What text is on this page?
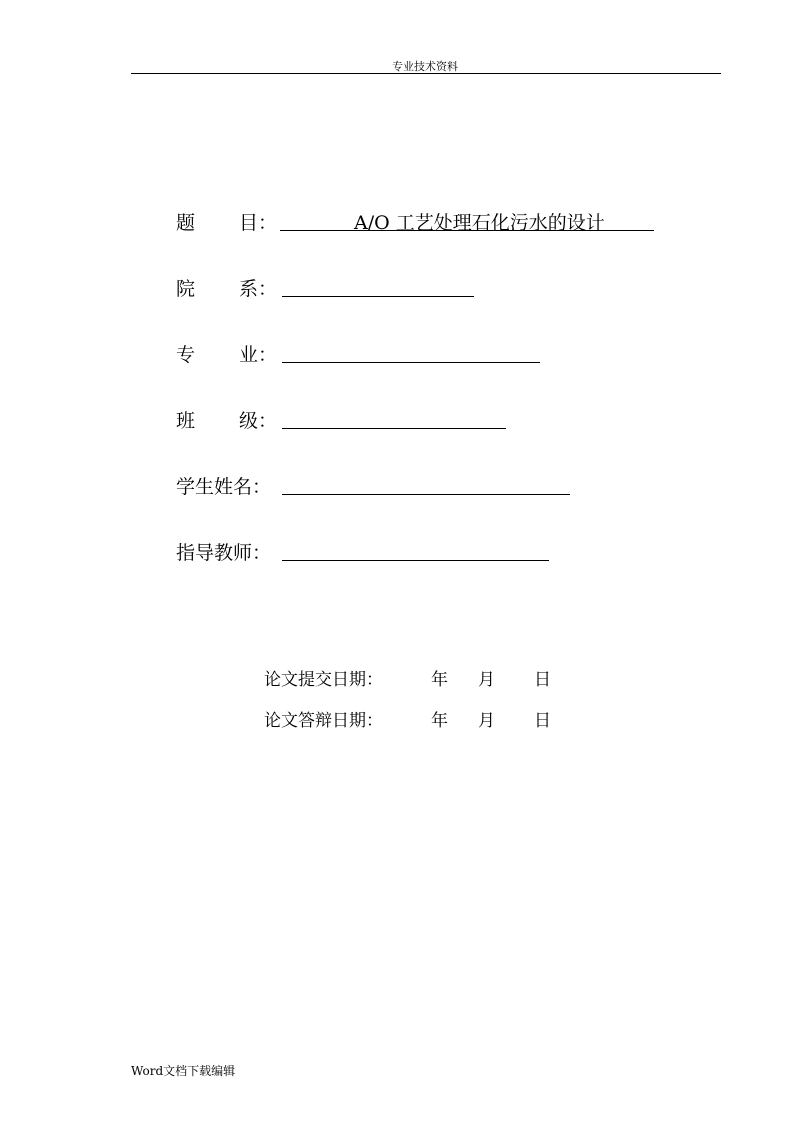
专业技术资料
题 目：	A/O 工艺处理石化污水的设计
院 系：
专 业：
班 级：
学生姓名：
指导教师：
论文提交日期：	年 月 日
论文答辩日期：	年 月 日
Word文档下载编辑
